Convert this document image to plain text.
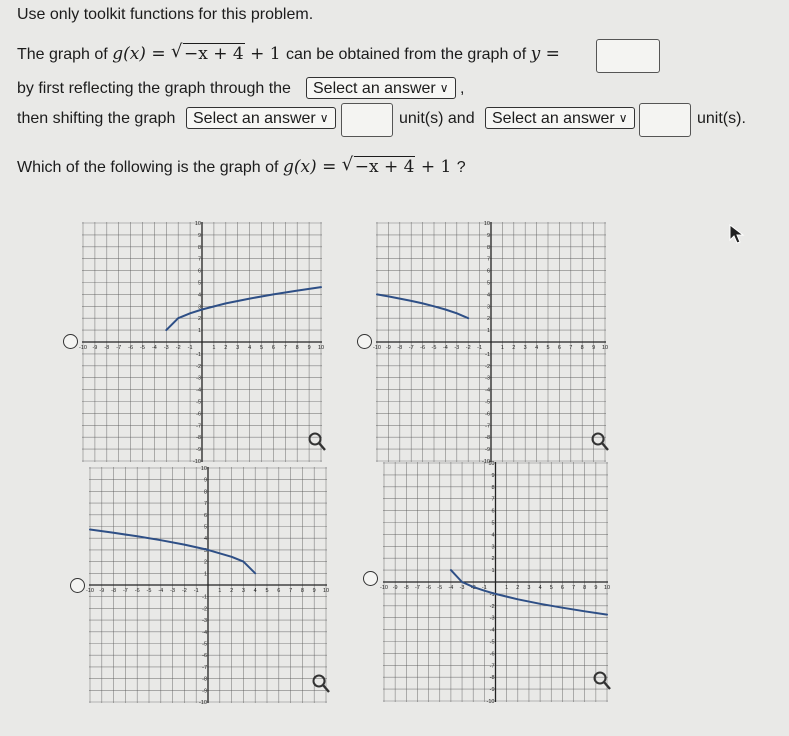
Use only toolkit functions for this problem.
The graph of g(x) = √ −x + 4 + 1 can be obtained from the graph of y =
by first reflecting the graph through the	Select an answer ∨ ,
then shifting the graph	Select an answer ∨	unit(s) and	Select an answer ∨	unit(s).
Which of the following is the graph of g(x) = √ −x + 4 + 1 ?
-10
-10
-9
-9
-8
-8
-7
-7
-6
-6
-5
-5
-4
-4
-3
-3
-2
-2
-1
-1
1
1
2
2
3
3
4
4
5
5
6
6
7
7
8
8
9
9
10
10
-10
-10
-9
-9
-8
-8
-7
-7
-6
-6
-5
-5
-4
-4
-3
-3
-2
-2
-1
-1
1
1
2
2
3
3
4
4
5
5
6
6
7
7
8
8
9
9
10
10
-10
-10
-9
-9
-8
-8
-7
-7
-6
-6
-5
-5
-4
-4
-3
-3
-2
-2
-1
-1
1
1
2
2
3
3
4
4
5
5
6
6
7
7
8
8
9
9
10
10
-10
-10
-9
-9
-8
-8
-7
-7
-6
-6
-5
-5
-4
-4
-3
-3
-2
-2
-1
-1
1
1
2
2
3
3
4
4
5
5
6
6
7
7
8
8
9
9
10
10
